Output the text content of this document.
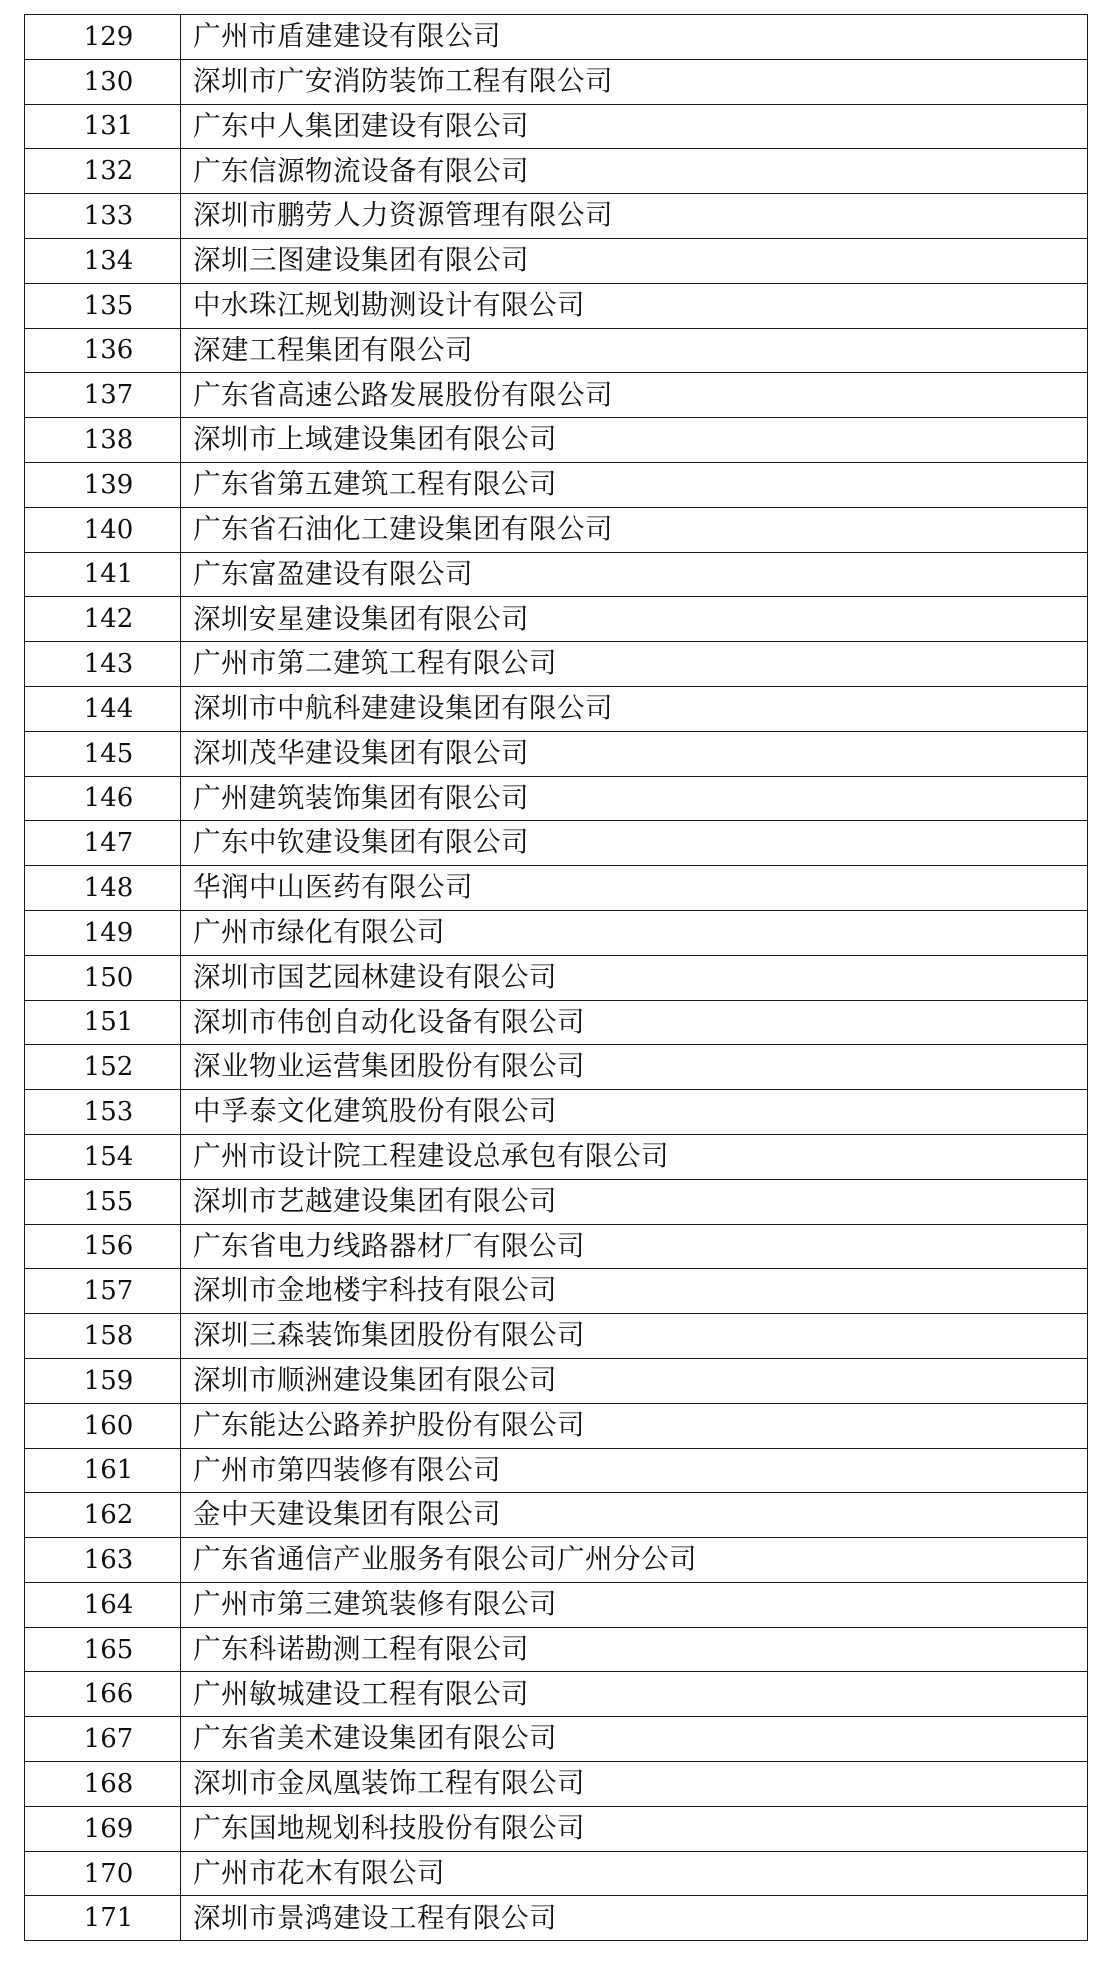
129	广州市盾建建设有限公司
130	深圳市广安消防装饰工程有限公司
131	广东中人集团建设有限公司
132	广东信源物流设备有限公司
133	深圳市鹏劳人力资源管理有限公司
134	深圳三图建设集团有限公司
135	中水珠江规划勘测设计有限公司
136	深建工程集团有限公司
137	广东省高速公路发展股份有限公司
138	深圳市上域建设集团有限公司
139	广东省第五建筑工程有限公司
140	广东省石油化工建设集团有限公司
141	广东富盈建设有限公司
142	深圳安星建设集团有限公司
143	广州市第二建筑工程有限公司
144	深圳市中航科建建设集团有限公司
145	深圳茂华建设集团有限公司
146	广州建筑装饰集团有限公司
147	广东中钦建设集团有限公司
148	华润中山医药有限公司
149	广州市绿化有限公司
150	深圳市国艺园林建设有限公司
151	深圳市伟创自动化设备有限公司
152	深业物业运营集团股份有限公司
153	中孚泰文化建筑股份有限公司
154	广州市设计院工程建设总承包有限公司
155	深圳市艺越建设集团有限公司
156	广东省电力线路器材厂有限公司
157	深圳市金地楼宇科技有限公司
158	深圳三森装饰集团股份有限公司
159	深圳市顺洲建设集团有限公司
160	广东能达公路养护股份有限公司
161	广州市第四装修有限公司
162	金中天建设集团有限公司
163	广东省通信产业服务有限公司广州分公司
164	广州市第三建筑装修有限公司
165	广东科诺勘测工程有限公司
166	广州敏城建设工程有限公司
167	广东省美术建设集团有限公司
168	深圳市金凤凰装饰工程有限公司
169	广东国地规划科技股份有限公司
170	广州市花木有限公司
171	深圳市景鸿建设工程有限公司
